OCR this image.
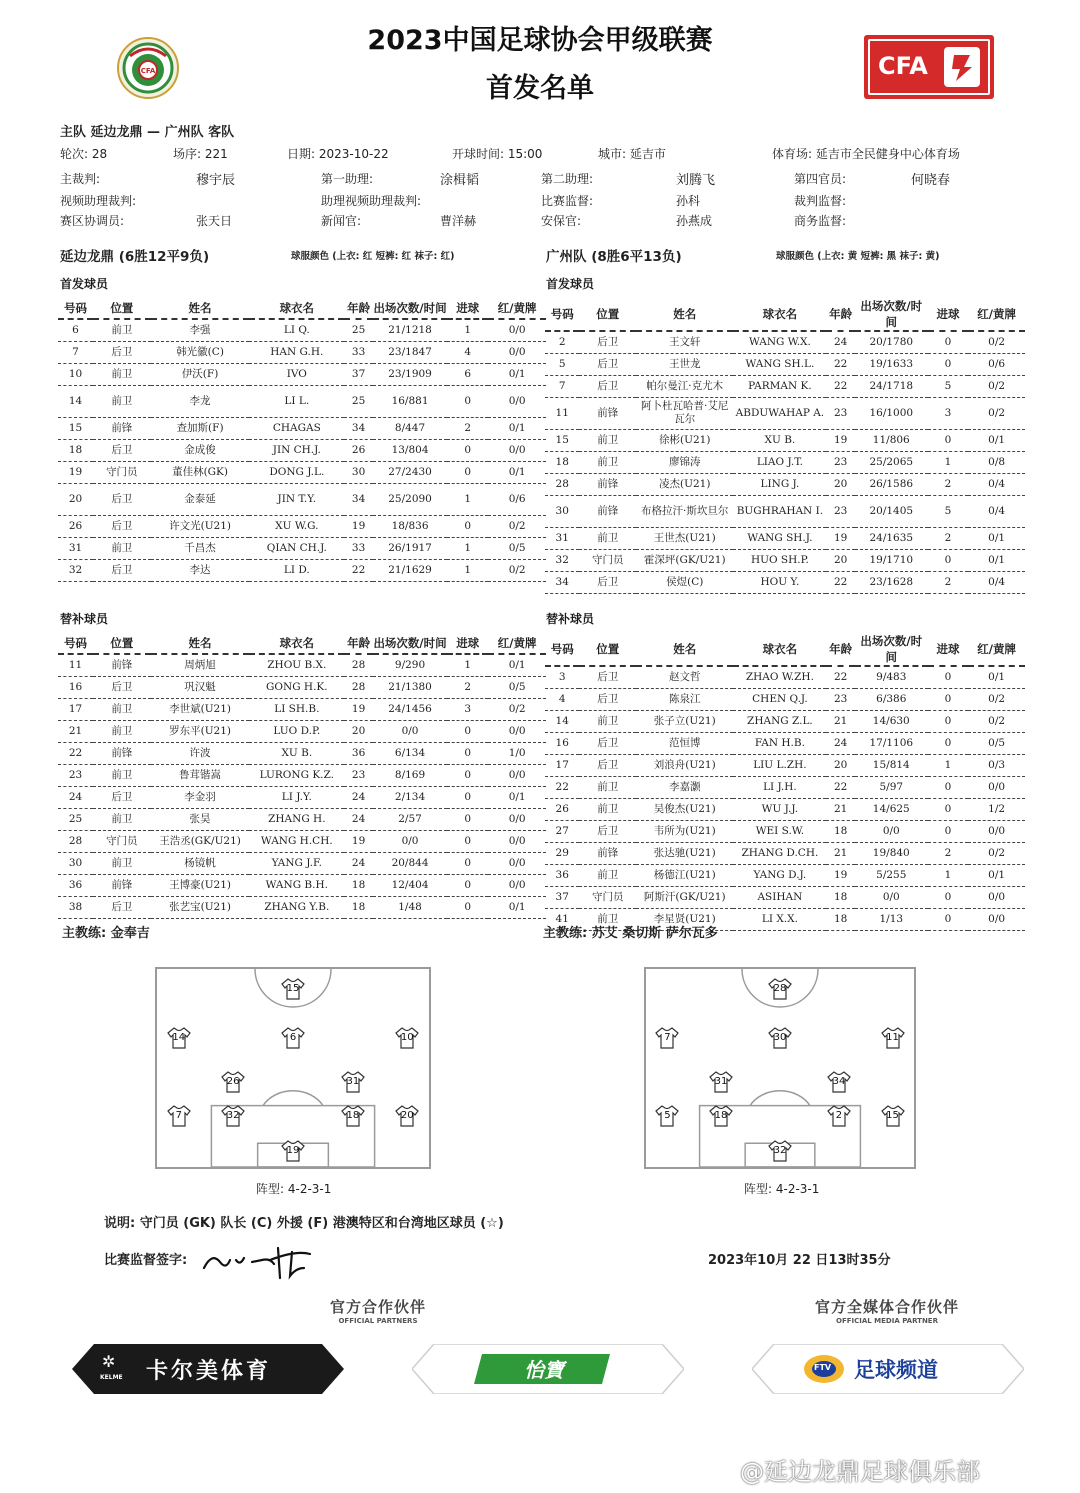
CFA
2023中国足球协会甲级联赛
首发名单
CFA
主队 延边龙鼎 — 广州队 客队
轮次: 28	场序: 221	日期: 2023-10-22	开球时间: 15:00	城市: 延吉市	体育场: 延吉市全民健身中心体育场
主裁判:	穆宇辰	第一助理:	涂楫韬	第二助理:	刘腾飞	第四官员:	何晓春
视频助理裁判:	助理视频助理裁判:	比赛监督:	孙科	裁判监督:
赛区协调员:	张天日	新闻官:	曹洋赫	安保官:	孙燕成	商务监督:
延边龙鼎 (6胜12平9负)	球服颜色 (上衣: 红 短裤: 红 袜子: 红)	广州队 (8胜6平13负)	球服颜色 (上衣: 黄 短裤: 黑 袜子: 黄)
首发球员	首发球员
号码	位置	姓名	球衣名	年龄	出场次数/时间	进球	红/黄牌
6	前卫	李强	LI Q.	25	21/1218	1	0/0
7	后卫	韩光徽(C)	HAN G.H.	33	23/1847	4	0/0
10	前卫	伊沃(F)	IVO	37	23/1909	6	0/1
14	前卫	李龙	LI L.	25	16/881	0	0/0
15	前锋	查加斯(F)	CHAGAS	34	8/447	2	0/1
18	后卫	金成俊	JIN CH.J.	26	13/804	0	0/0
19	守门员	董佳林(GK)	DONG J.L.	30	27/2430	0	0/1
20	后卫	金泰延	JIN T.Y.	34	25/2090	1	0/6
26	后卫	许文光(U21)	XU W.G.	19	18/836	0	0/2
31	前卫	千昌杰	QIAN CH.J.	33	26/1917	1	0/5
32	后卫	李达	LI D.	22	21/1629	1	0/2
号码	位置	姓名	球衣名	年龄	出场次数/时间	进球	红/黄牌
2	后卫	王文轩	WANG W.X.	24	20/1780	0	0/2
5	后卫	王世龙	WANG SH.L.	22	19/1633	0	0/6
7	后卫	帕尔曼江·克尤木	PARMAN K.	22	24/1718	5	0/2
11	前锋	阿卜杜瓦哈普·艾尼瓦尔	ABDUWAHAP A.	23	16/1000	3	0/2
15	前卫	徐彬(U21)	XU B.	19	11/806	0	0/1
18	前卫	廖锦涛	LIAO J.T.	23	25/2065	1	0/8
28	前锋	凌杰(U21)	LING J.	20	26/1586	2	0/4
30	前锋	布格拉汗·斯坎旦尔	BUGHRAHAN I.	23	20/1405	5	0/4
31	前卫	王世杰(U21)	WANG SH.J.	19	24/1635	2	0/1
32	守门员	霍深坪(GK/U21)	HUO SH.P.	20	19/1710	0	0/1
34	后卫	侯煜(C)	HOU Y.	22	23/1628	2	0/4
替补球员	替补球员
号码	位置	姓名	球衣名	年龄	出场次数/时间	进球	红/黄牌
11	前锋	周炳旭	ZHOU B.X.	28	9/290	1	0/1
16	后卫	巩汉魁	GONG H.K.	28	21/1380	2	0/5
17	前卫	李世斌(U21)	LI SH.B.	19	24/1456	3	0/2
21	前卫	罗东平(U21)	LUO D.P.	20	0/0	0	0/0
22	前锋	许波	XU B.	36	6/134	0	1/0
23	前卫	鲁茸锴嵩	LURONG K.Z.	23	8/169	0	0/0
24	后卫	李金羽	LI J.Y.	24	2/134	0	0/1
25	前卫	张昊	ZHANG H.	24	2/57	0	0/0
28	守门员	王浩丞(GK/U21)	WANG H.CH.	19	0/0	0	0/0
30	前卫	杨镜帆	YANG J.F.	24	20/844	0	0/0
36	前锋	王博豪(U21)	WANG B.H.	18	12/404	0	0/0
38	后卫	张艺宝(U21)	ZHANG Y.B.	18	1/48	0	0/1
号码	位置	姓名	球衣名	年龄	出场次数/时间	进球	红/黄牌
3	后卫	赵文哲	ZHAO W.ZH.	22	9/483	0	0/1
4	后卫	陈泉江	CHEN Q.J.	23	6/386	0	0/2
14	前卫	张子立(U21)	ZHANG Z.L.	21	14/630	0	0/2
16	后卫	范恒博	FAN H.B.	24	17/1106	0	0/5
17	后卫	刘浪舟(U21)	LIU L.ZH.	20	15/814	1	0/3
22	前卫	李嘉灏	LI J.H.	22	5/97	0	0/0
26	前卫	吴俊杰(U21)	WU J.J.	21	14/625	0	1/2
27	后卫	韦所为(U21)	WEI S.W.	18	0/0	0	0/0
29	前锋	张达驰(U21)	ZHANG D.CH.	21	19/840	2	0/2
36	前卫	杨德江(U21)	YANG D.J.	19	5/255	1	0/1
37	守门员	阿斯汗(GK/U21)	ASIHAN	18	0/0	0	0/0
41	前卫	李星贤(U21)	LI X.X.	18	1/13	0	0/0
主教练: 金奉吉	主教练: 苏艾 桑切斯 萨尔瓦多
15
14	6	10
26	31
7	32	18	20
19
28
7	30	11
31	34
5	18	2	15
32
阵型: 4-2-3-1	阵型: 4-2-3-1
说明: 守门员 (GK) 队长 (C) 外援 (F) 港澳特区和台湾地区球员 (☆)
比赛监督签字:	2023年10月 22 日13时35分
官方合作伙伴
OFFICIAL PARTNERS
官方全媒体合作伙伴
OFFICIAL MEDIA PARTNER
✲
KELME 卡尔美体育	怡寶	FTV 足球频道
@延边龙鼎足球俱乐部
